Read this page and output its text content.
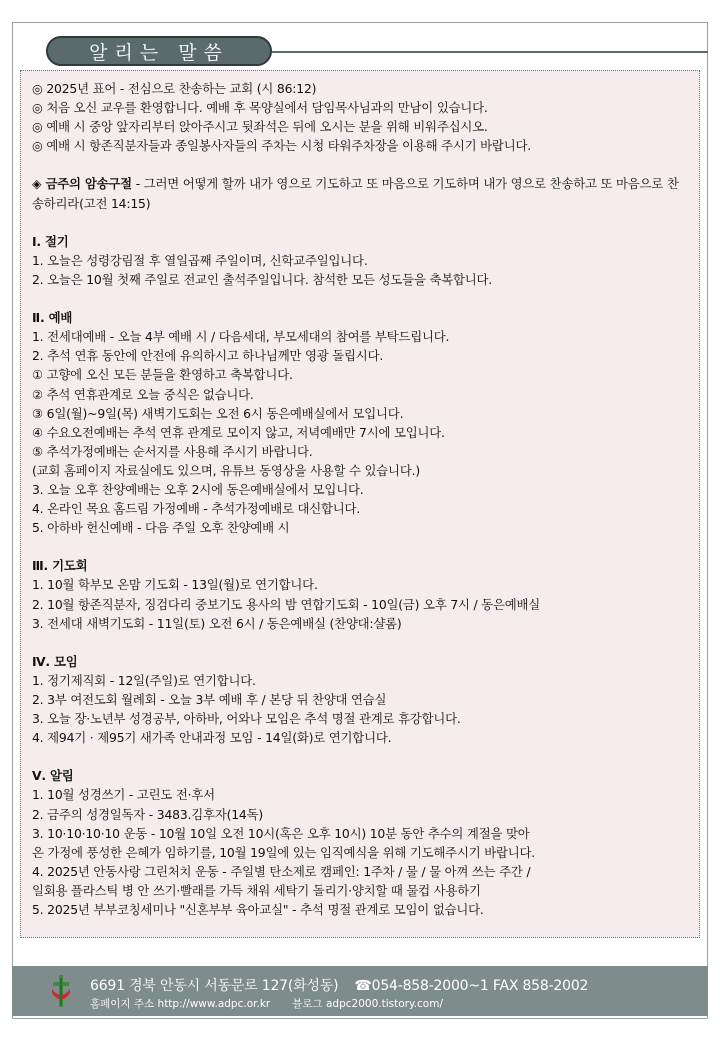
알리는 말씀
◎ 2025년 표어 - 전심으로 찬송하는 교회 (시 86:12)
◎ 처음 오신 교우를 환영합니다. 예배 후 목양실에서 담임목사님과의 만남이 있습니다.
◎ 예배 시 중앙 앞자리부터 앉아주시고 뒷좌석은 뒤에 오시는 분을 위해 비워주십시오.
◎ 예배 시 항존직분자들과 종일봉사자들의 주차는 시청 타워주차장을 이용해 주시기 바랍니다.
◈ 금주의 암송구절 - 그러면 어떻게 할까 내가 영으로 기도하고 또 마음으로 기도하며 내가 영으로 찬송하고 또 마음으로 찬송하리라(고전 14:15)
Ⅰ. 절기
1. 오늘은 성령강림절 후 열일곱째 주일이며, 신학교주일입니다.
2. 오늘은 10월 첫째 주일로 전교인 출석주일입니다. 참석한 모든 성도들을 축복합니다.
Ⅱ. 예배
1. 전세대예배 - 오늘 4부 예배 시 / 다음세대, 부모세대의 참여를 부탁드립니다.
2. 추석 연휴 동안에 안전에 유의하시고 하나님께만 영광 돌립시다.
① 고향에 오신 모든 분들을 환영하고 축복합니다.
② 추석 연휴관계로 오늘 중식은 없습니다.
③ 6일(월)~9일(목) 새벽기도회는 오전 6시 동은예배실에서 모입니다.
④ 수요오전예배는 추석 연휴 관계로 모이지 않고, 저녁예배만 7시에 모입니다.
⑤ 추석가정예배는 순서지를 사용해 주시기 바랍니다.
(교회 홈페이지 자료실에도 있으며, 유튜브 동영상을 사용할 수 있습니다.)
3. 오늘 오후 찬양예배는 오후 2시에 동은예배실에서 모입니다.
4. 온라인 목요 홈드림 가정예배 - 추석가정예배로 대신합니다.
5. 아하바 헌신예배 - 다음 주일 오후 찬양예배 시
Ⅲ. 기도회
1. 10월 학부모 온맘 기도회 - 13일(월)로 연기합니다.
2. 10월 항존직분자, 징검다리 중보기도 용사의 밤 연합기도회 - 10일(금) 오후 7시 / 동은예배실
3. 전세대 새벽기도회 - 11일(토) 오전 6시 / 동은예배실 (찬양대:샬롬)
Ⅳ. 모임
1. 정기제직회 - 12일(주일)로 연기합니다.
2. 3부 여전도회 월례회 - 오늘 3부 예배 후 / 본당 뒤 찬양대 연습실
3. 오늘 장·노년부 성경공부, 아하바, 어와나 모임은 추석 명절 관계로 휴강합니다.
4. 제94기 · 제95기 새가족 안내과정 모임 - 14일(화)로 연기합니다.
Ⅴ. 알림
1. 10월 성경쓰기 - 고린도 전·후서
2. 금주의 성경일독자 - 3483.김후자(14독)
3. 10·10·10·10 운동 - 10월 10일 오전 10시(혹은 오후 10시) 10분 동안 추수의 계절을 맞아
온 가정에 풍성한 은혜가 임하기를, 10월 19일에 있는 임직예식을 위해 기도해주시기 바랍니다.
4. 2025년 안동사랑 그린처치 운동 - 주일별 탄소제로 캠페인: 1주차 / 물 / 물 아껴 쓰는 주간 /
일회용 플라스틱 병 안 쓰기·빨래를 가득 채워 세탁기 돌리기·양치할 때 물컵 사용하기
5. 2025년 부부코칭세미나 "신혼부부 육아교실" - 추석 명절 관계로 모임이 없습니다.
6691 경북 안동시 서동문로 127(화성동) ☎054-858-2000~1 FAX 858-2002
홈페이지 주소 http://www.adpc.or.kr 블로그 adpc2000.tistory.com/
